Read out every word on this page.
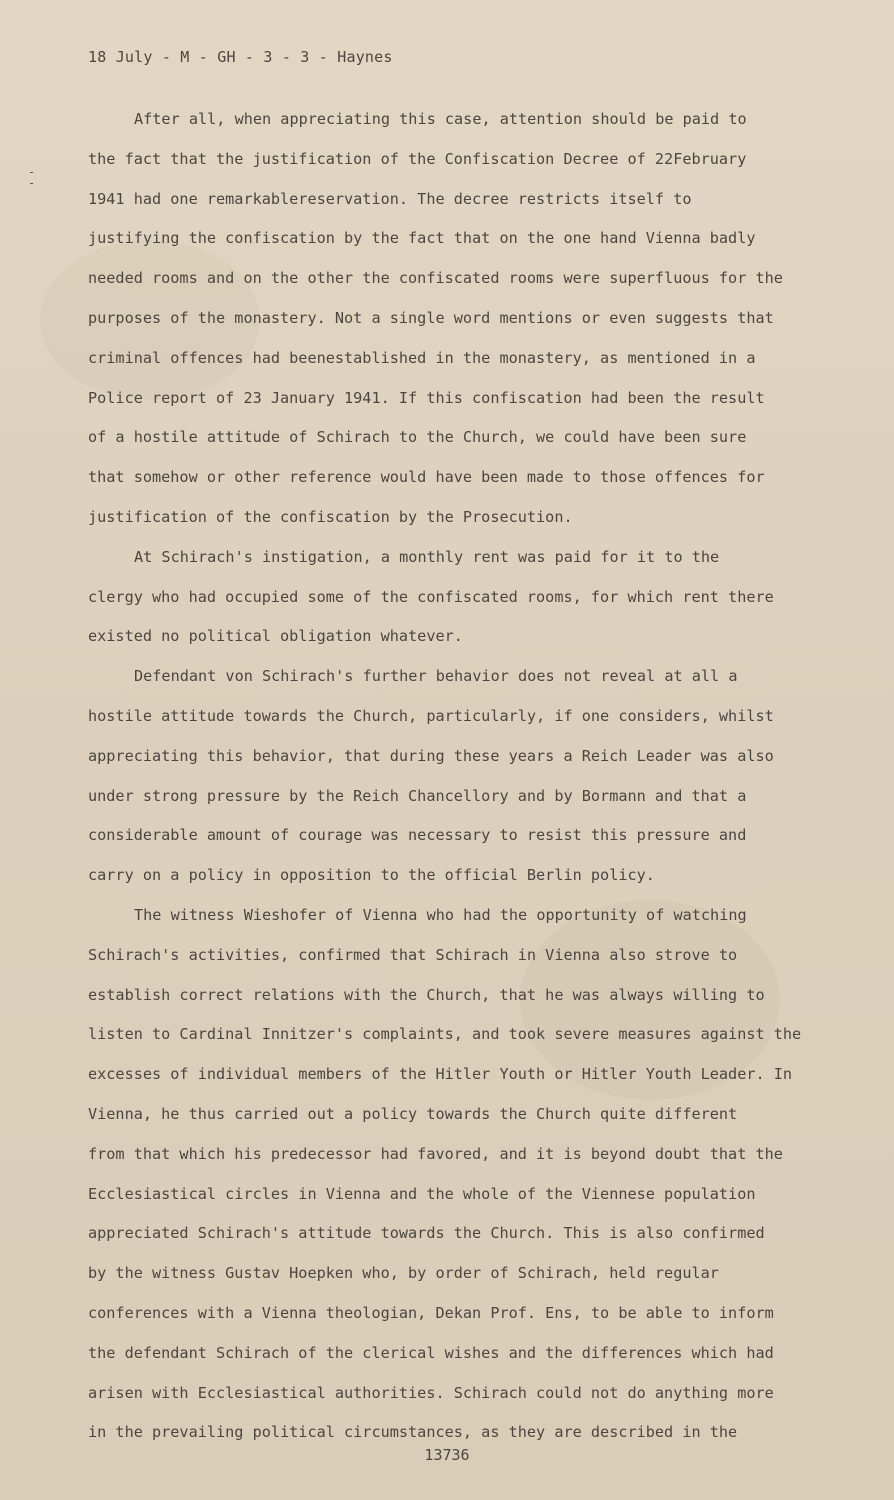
18 July - M - GH - 3 - 3 - Haynes
After all, when appreciating this case, attention should be paid to
the fact that the justification of the Confiscation Decree of 22February
1941 had one remarkablereservation. The decree restricts itself to
justifying the confiscation by the fact that on the one hand Vienna badly
needed rooms and on the other the confiscated rooms were superfluous for the
purposes of the monastery. Not a single word mentions or even suggests that
criminal offences had beenestablished in the monastery, as mentioned in a
Police report of 23 January 1941. If this confiscation had been the result
of a hostile attitude of Schirach to the Church, we could have been sure
that somehow or other reference would have been made to those offences for
justification of the confiscation by the Prosecution.
At Schirach's instigation, a monthly rent was paid for it to the
clergy who had occupied some of the confiscated rooms, for which rent there
existed no political obligation whatever.
Defendant von Schirach's further behavior does not reveal at all a
hostile attitude towards the Church, particularly, if one considers, whilst
appreciating this behavior, that during these years a Reich Leader was also
under strong pressure by the Reich Chancellory and by Bormann and that a
considerable amount of courage was necessary to resist this pressure and
carry on a policy in opposition to the official Berlin policy.
The witness Wieshofer of Vienna who had the opportunity of watching
Schirach's activities, confirmed that Schirach in Vienna also strove to
establish correct relations with the Church, that he was always willing to
listen to Cardinal Innitzer's complaints, and took severe measures against the
excesses of individual members of the Hitler Youth or Hitler Youth Leader. In
Vienna, he thus carried out a policy towards the Church quite different
from that which his predecessor had favored, and it is beyond doubt that the
Ecclesiastical circles in Vienna and the whole of the Viennese population
appreciated Schirach's attitude towards the Church. This is also confirmed
by the witness Gustav Hoepken who, by order of Schirach, held regular
conferences with a Vienna theologian, Dekan Prof. Ens, to be able to inform
the defendant Schirach of the clerical wishes and the differences which had
arisen with Ecclesiastical authorities. Schirach could not do anything more
in the prevailing political circumstances, as they are described in the
13736
